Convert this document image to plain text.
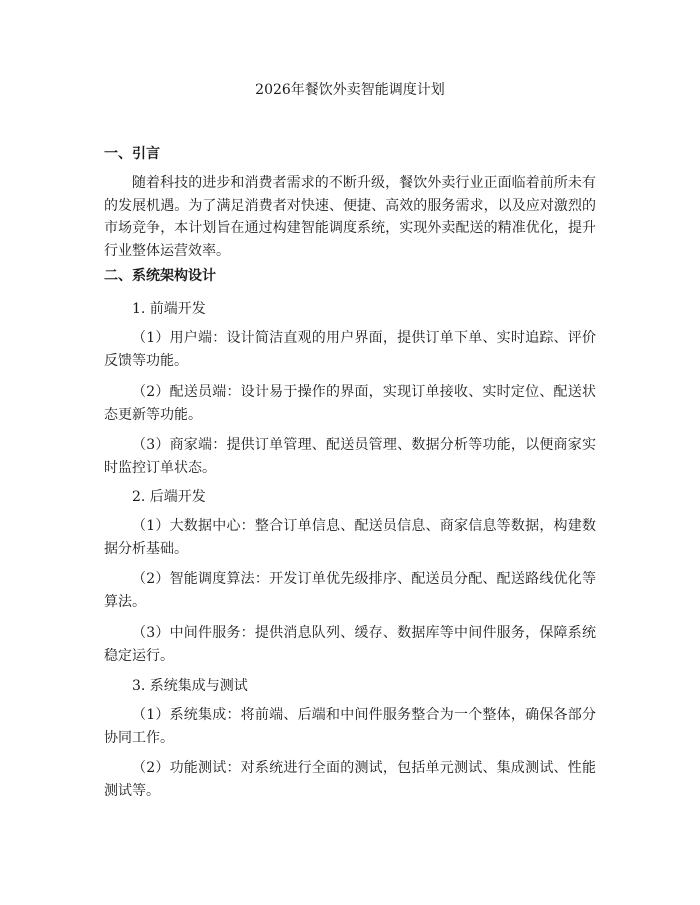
2026年餐饮外卖智能调度计划
一、引言

随着科技的进步和消费者需求的不断升级，餐饮外卖行业正面临着前所未有的发展机遇。为了满足消费者对快速、便捷、高效的服务需求，以及应对激烈的市场竞争，本计划旨在通过构建智能调度系统，实现外卖配送的精准优化，提升行业整体运营效率。

二、系统架构设计
1. 前端开发

（1）用户端：设计简洁直观的用户界面，提供订单下单、实时追踪、评价反馈等功能。

（2）配送员端：设计易于操作的界面，实现订单接收、实时定位、配送状态更新等功能。

（3）商家端：提供订单管理、配送员管理、数据分析等功能，以便商家实时监控订单状态。

2. 后端开发

（1）大数据中心：整合订单信息、配送员信息、商家信息等数据，构建数据分析基础。

（2）智能调度算法：开发订单优先级排序、配送员分配、配送路线优化等算法。

（3）中间件服务：提供消息队列、缓存、数据库等中间件服务，保障系统稳定运行。

3. 系统集成与测试

（1）系统集成：将前端、后端和中间件服务整合为一个整体，确保各部分协同工作。

（2）功能测试：对系统进行全面的测试，包括单元测试、集成测试、性能测试等。
